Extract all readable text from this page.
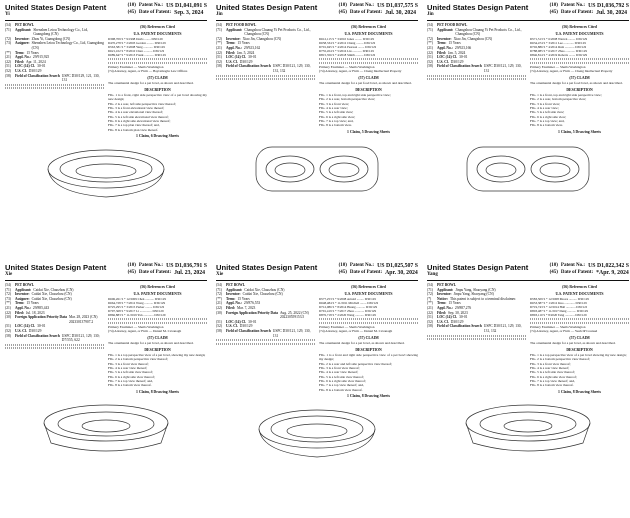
United States Design Patent
Yi
(10) Patent No.: US D1,041,091 S
(45) Date of Patent: Sep. 3, 2024
(54)	PET BOWL
(71)	Applicant: Shenzhen Leiou Technology Co., Ltd, Guangdong (CN)
(72)	Inventor: Zhou Yi, Guangdong (CN)
(73)	Assignee: Shenzhen Leiou Technology Co., Ltd, Guangdong (CN)
(**)	Term: 15 Years
(21)	Appl. No.: 29/915,925
(22)	Filed: Apr. 11, 2024
(51)	LOC (14) Cl. 30-01
(52)	U.S. Cl. D30/129
(58)	Field of Classification Search USPC D30/129, 121, 130, 131
(56) References Cited
U.S. PATENT DOCUMENTS
D398,709 S * 9/1998 Davis ........ D30/129
D470,278 S * 2/2003 Gordon ......... D30/129
D563,581 S * 3/2008 Yang ............ D30/129
D621,102 S * 8/2010 Chen ........... D30/129
D689,647 S * 9/2013 Frank ............ D30/129
Primary Examiner — Sheila Washington
(74) Attorney, Agent, or Firm — Bayramoglu Law Offices
(57) CLAIM
The ornamental design for a pet bowl, as shown and described.
DESCRIPTION
FIG. 1 is a front, right side perspective view of a pet bowl showing my new design;
FIG. 2 is a rear, left side perspective view thereof;
FIG. 3 is a front elevational view thereof;
FIG. 4 is a rear elevational view thereof;
FIG. 5 is a left side elevational view thereof;
FIG. 6 is a right side elevational view thereof;
FIG. 7 is a top plan view thereof; and,
FIG. 8 is a bottom plan view thereof.
1 Claim, 6 Drawing Sheets
United States Design Patent
Jin
(10) Patent No.: US D1,037,575 S
(45) Date of Patent: Jul. 30, 2024
(54)	PET FOOD BOWL
(71)	Applicant: Changzhou Chuang Yi Pet Products Co., Ltd., Changzhou (CN)
(72)	Inventor: Xiao Jin, Changzhou (CN)
(**)	Term: 15 Years
(21)	Appl. No.: 29/923,162
(22)	Filed: Jan. 5, 2024
(51)	LOC (14) Cl. 30-01
(52)	U.S. Cl. D30/129
(58)	Field of Classification Search USPC D30/121, 129, 130, 131, 132
(56) References Cited
U.S. PATENT DOCUMENTS
D612,115 S * 3/2010 Jones ......... D30/129
D658,334 S * 4/2012 Chang ......... D30/129
D701,945 S * 4/2014 Pearson ........ D30/129
D755,454 S * 5/2016 Liu ............ D30/129
D815,356 S * 4/2018 Smith .......... D30/129
Primary Examiner — Sheila Washington
(74) Attorney, Agent, or Firm — Cheng Intellectual Property
(57) CLAIM
The ornamental design for a pet food bowl, as shown and described.
DESCRIPTION
FIG. 1 is a front, top and right side perspective view;
FIG. 2 is a rear, bottom perspective view;
FIG. 3 is a front view;
FIG. 4 is a rear view;
FIG. 5 is a left side view;
FIG. 6 is a right side view;
FIG. 7 is a top view; and,
FIG. 8 is a bottom view.
1 Claim, 5 Drawing Sheets
United States Design Patent
Jin
(10) Patent No.: US D1,036,792 S
(45) Date of Patent: Jul. 30, 2024
(54)	PET FOOD BOWL
(71)	Applicant: Changzhou Chuang Yi Pet Products Co., Ltd., Changzhou (CN)
(72)	Inventor: Xiao Jin, Changzhou (CN)
(**)	Term: 15 Years
(21)	Appl. No.: 29/923,166
(22)	Filed: Jan. 5, 2024
(51)	LOC (14) Cl. 30-01
(52)	U.S. Cl. D30/129
(58)	Field of Classification Search USPC D30/121, 129, 130, 131
(56) References Cited
U.S. PATENT DOCUMENTS
D571,513 S * 6/2008 Warren ......... D30/129
D634,474 S * 3/2011 Lee ............. D30/129
D702,886 S * 4/2014 Ruiz ............ D30/129
D788,985 S * 6/2017 Zhao ............ D30/129
D846,814 S * 4/2019 Roberts ........ D30/129
Primary Examiner — Sheila Washington
(74) Attorney, Agent, or Firm — Cheng Intellectual Property
(57) CLAIM
The ornamental design for a pet food bowl, as shown and described.
DESCRIPTION
FIG. 1 is a front, top and right side perspective view;
FIG. 2 is a rear, bottom perspective view;
FIG. 3 is a front view;
FIG. 4 is a rear view;
FIG. 5 is a left side view;
FIG. 6 is a right side view;
FIG. 7 is a top view; and,
FIG. 8 is a bottom view.
1 Claim, 5 Drawing Sheets
United States Design Patent
Xie
(10) Patent No.: US D1,036,791 S
(45) Date of Patent: Jul. 23, 2024
(54)	PET BOWL
(71)	Applicant: Caidai Xie, Chaozhou (CN)
(72)	Inventor: Caidai Xie, Chaozhou (CN)
(73)	Assignee: Caidai Xie, Chaozhou (CN)
(**)	Term: 15 Years
(21)	Appl. No.: 29/885,443
(22)	Filed: Jul. 18, 2023
(30)	Foreign Application Priority Data Mar. 28, 2023 (CN) 202330137907.2
(51)	LOC (14) Cl. 30-01
(52)	U.S. Cl. D30/129
(58)	Field of Classification Search USPC D30/121, 129, 130; D7/555, 622
(56) References Cited
U.S. PATENT DOCUMENTS
D606,261 S * 12/2009 Chen ........... D30/129
D664,728 S * 7/2012 Wong ........... D30/129
D725,295 S * 3/2015 Parker ......... D30/129
D797,368 S * 9/2017 Li ............... D30/129
D866,883 S * 11/2019 Yan ............. D30/129
Primary Examiner — Sheila Washington
(74) Attorney, Agent, or Firm — Daniel M. Cavanagh
(57) CLAIM
The ornamental design for a pet bowl, as shown and described.
DESCRIPTION
FIG. 1 is a top perspective view of a pet bowl, showing my new design;
FIG. 2 is a bottom perspective view thereof;
FIG. 3 is a front view thereof;
FIG. 4 is a rear view thereof;
FIG. 5 is a left side view thereof;
FIG. 6 is a right side view thereof;
FIG. 7 is a top view thereof; and,
FIG. 8 is a bottom view thereof.
1 Claim, 8 Drawing Sheets
United States Design Patent
Xie
(10) Patent No.: US D1,025,507 S
(45) Date of Patent: Apr. 30, 2024
(54)	PET BOWL
(71)	Applicant: Caidai Xie, Chaozhou (CN)
(72)	Inventor: Caidai Xie, Chaozhou (CN)
(**)	Term: 15 Years
(21)	Appl. No.: 29/876,553
(22)	Filed: Mar. 7, 2023
(30)	Foreign Application Priority Data Aug. 25, 2022 (CN) 202230559153.5
(51)	LOC (14) Cl. 30-01
(52)	U.S. Cl. D30/129
(58)	Field of Classification Search USPC D30/121, 129, 130, 131
(56) References Cited
U.S. PATENT DOCUMENTS
D577,253 S * 9/2008 Arnold ......... D30/129
D648,484 S * 11/2011 Mitchell ........ D30/129
D712,086 S * 8/2014 Huang ........... D30/129
D791,419 S * 7/2017 Zhou ............ D30/129
D876,718 S * 2/2020 Wang ........... D30/129
Primary Examiner — Sheila Washington
(74) Attorney, Agent, or Firm — Daniel M. Cavanagh
(57) CLAIM
The ornamental design for a pet bowl, as shown and described.
DESCRIPTION
FIG. 1 is a front and right side perspective view of a pet bowl showing my design;
FIG. 2 is a rear and left side perspective view thereof;
FIG. 3 is a front view thereof;
FIG. 4 is a rear view thereof;
FIG. 5 is a left side view thereof;
FIG. 6 is a right side view thereof;
FIG. 7 is a top view thereof; and,
FIG. 8 is a bottom view thereof.
1 Claim, 8 Drawing Sheets
United States Design Patent
Yang
(10) Patent No.: US D1,022,342 S
(45) Date of Patent: *Apr. 9, 2024
(54)	PET BOWL
(71)	Applicant: Jinpu Yang, Shaoyang (CN)
(72)	Inventor: Jinpu Yang, Shaoyang (CN)
(*)	Notice: This patent is subject to a terminal disclaimer.
(**)	Term: 15 Years
(21)	Appl. No.: 29/887,276
(22)	Filed: Sep. 30, 2023
(51)	LOC (14) Cl. 30-01
(52)	U.S. Cl. D30/129
(58)	Field of Classification Search USPC D30/121, 129, 130, 131, 132
(56) References Cited
U.S. PATENT DOCUMENTS
D583,509 S * 12/2008 Moore .......... D30/129
D653,387 S * 1/2012 Kuo ............. D30/129
D719,743 S * 12/2014 Hall ............ D30/129
D803,487 S * 11/2017 Deng ........... D30/129
D893,110 S * 8/2020 Tang ............ D30/129
Primary Examiner — Sheila Washington
(74) Attorney, Agent, or Firm — Yeah IP Counsel
(57) CLAIM
The ornamental design for a pet bowl, as shown and described.
DESCRIPTION
FIG. 1 is a top perspective view of a pet bowl showing my new design;
FIG. 2 is a bottom perspective view thereof;
FIG. 3 is a front view thereof;
FIG. 4 is a rear view thereof;
FIG. 5 is a left side view thereof;
FIG. 6 is a right side view thereof;
FIG. 7 is a top view thereof; and,
FIG. 8 is a bottom view thereof.
1 Claim, 8 Drawing Sheets
